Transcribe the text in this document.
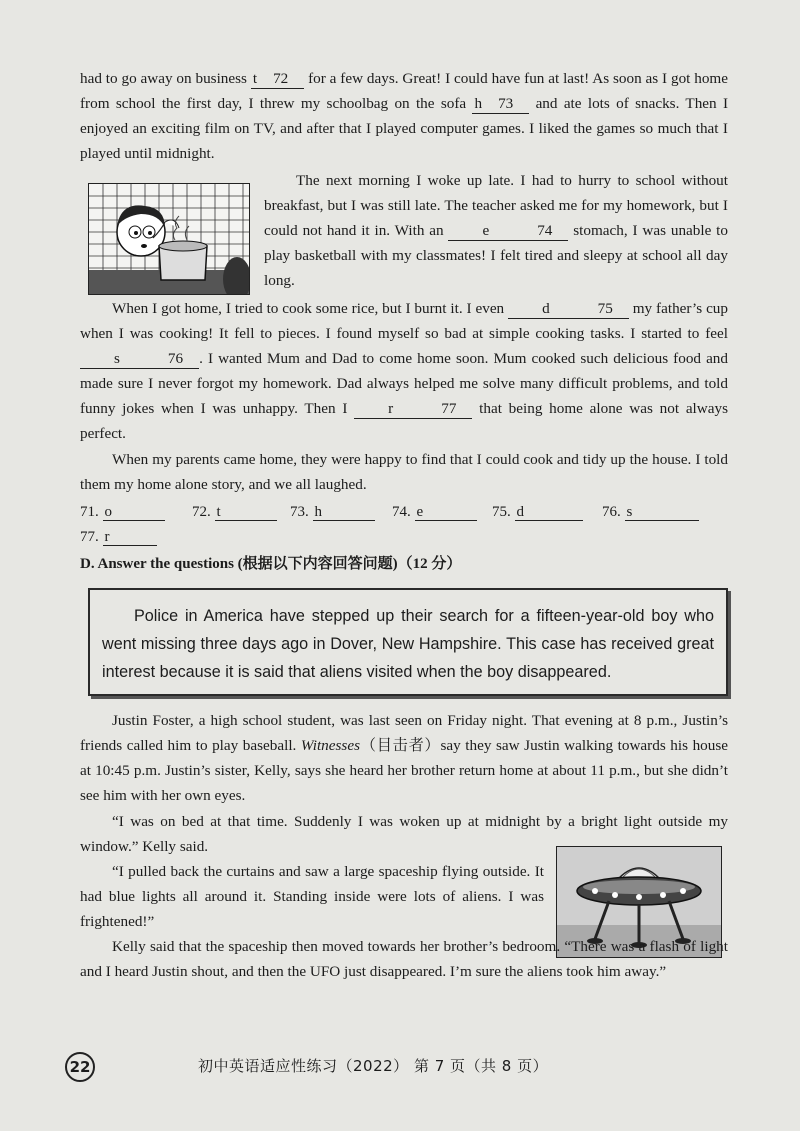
had to go away on business t 72 for a few days. Great! I could have fun at last! As soon as I got home from school the first day, I threw my schoolbag on the sofa h 73 and ate lots of snacks. Then I enjoyed an exciting film on TV, and after that I played computer games. I liked the games so much that I played until midnight.

The next morning I woke up late. I had to hurry to school without breakfast, but I was still late. The teacher asked me for my homework, but I could not hand it in. With an e	74 stomach, I was unable to play basketball with my classmates! I felt tired and sleepy at school all day long.

When I got home, I tried to cook some rice, but I burnt it. I even d	75 my father’s cup when I was cooking! It fell to pieces. I found myself so bad at simple cooking tasks. I started to feel s	76 . I wanted Mum and Dad to come home soon. Mum cooked such delicious food and made sure I never forgot my homework. Dad always helped me solve many difficult problems, and told funny jokes when I was unhappy. Then I r	77 that being home alone was not always perfect.

When my parents came home, they were happy to find that I could cook and tidy up the house. I told them my home alone story, and we all laughed.

71. o	72. t	73. h	74. e	75. d	76. s
77. r
D. Answer the questions (根据以下内容回答问题)（12 分）

Police in America have stepped up their search for a fifteen-year-old boy who went missing three days ago in Dover, New Hampshire. This case has received great interest because it is said that aliens visited when the boy disappeared.

Justin Foster, a high school student, was last seen on Friday night. That evening at 8 p.m., Justin’s friends called him to play baseball. Witnesses（目击者）say they saw Justin walking towards his house at 10:45 p.m. Justin’s sister, Kelly, says she heard her brother return home at about 11 p.m., but she didn’t see him with her own eyes.

“I was on bed at that time. Suddenly I was woken up at midnight by a bright light outside my window.” Kelly said.

“I pulled back the curtains and saw a large spaceship flying outside. It had blue lights all around it. Standing inside were lots of aliens. I was frightened!”

Kelly said that the spaceship then moved towards her brother’s bedroom. “There was a flash of light and I heard Justin shout, and then the UFO just disappeared. I’m sure the aliens took him away.”

22	初中英语适应性练习（2022） 第 7 页（共 8 页）
